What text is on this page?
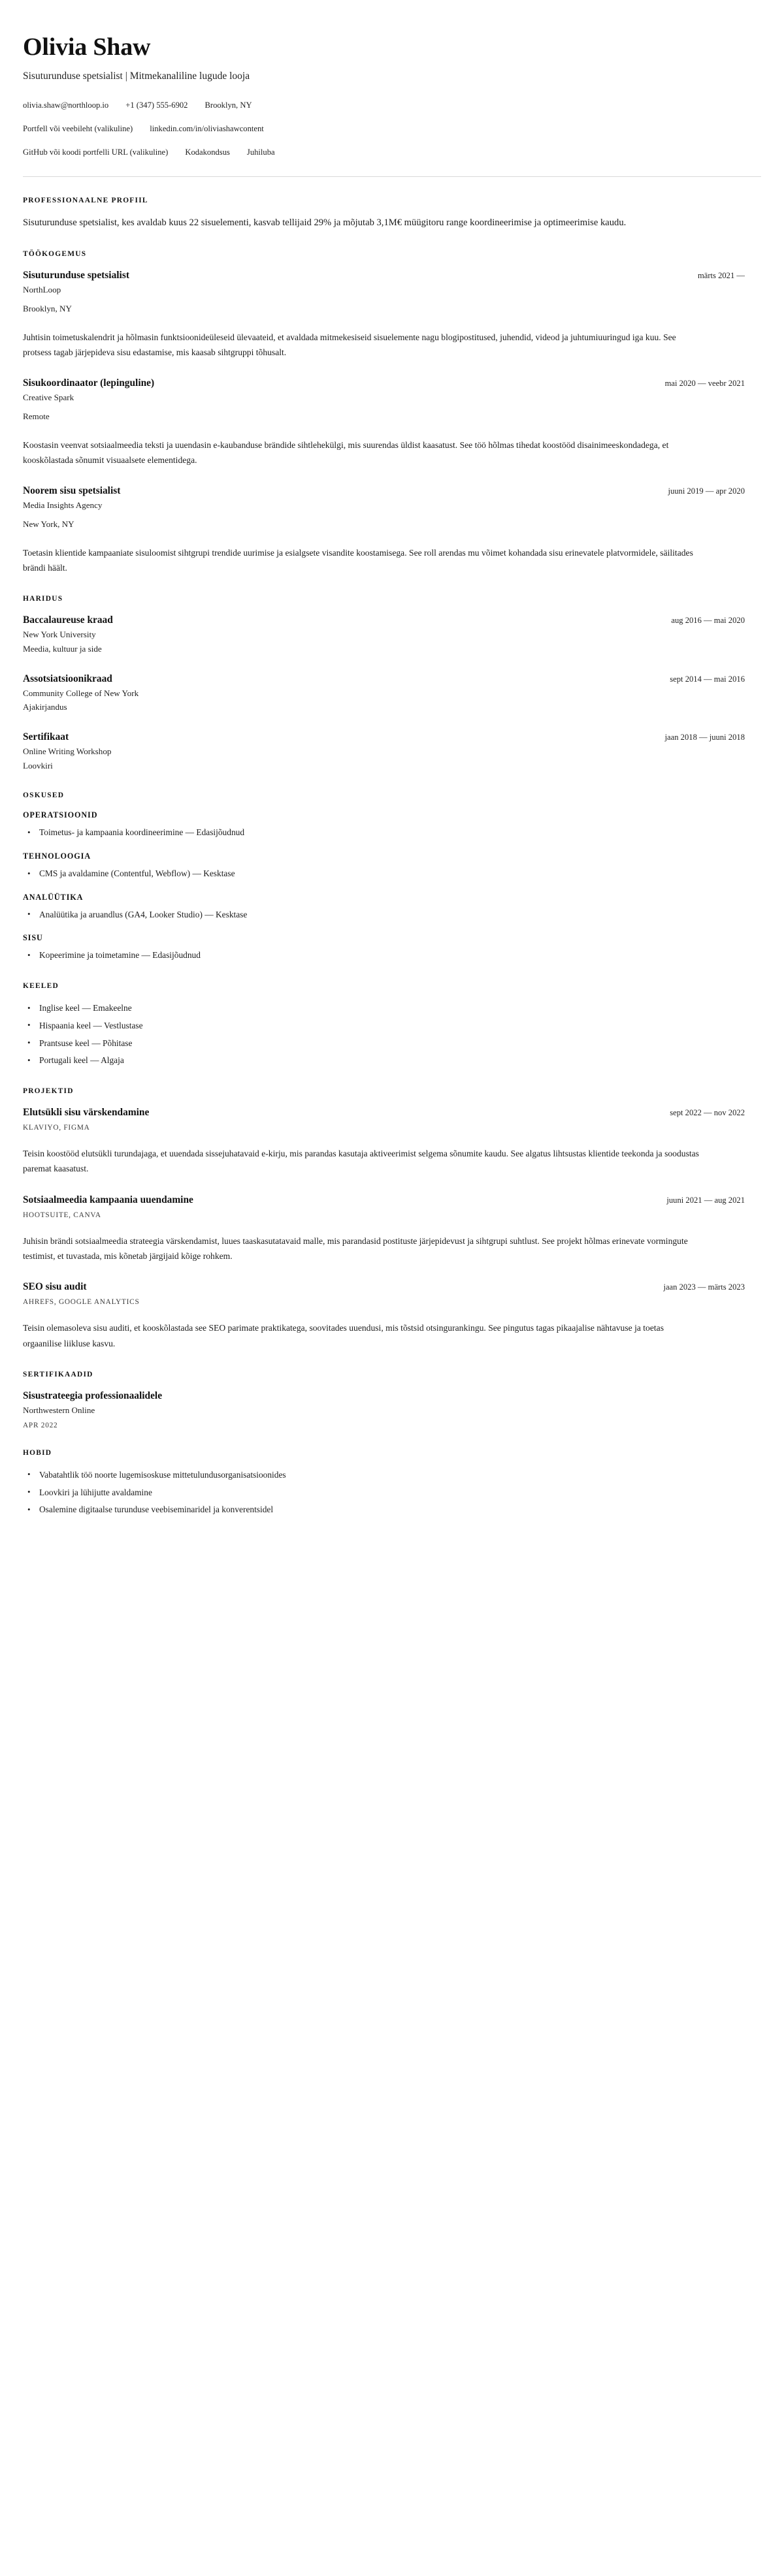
Olivia Shaw
Sisuturunduse spetsialist | Mitmekanaliline lugude looja
olivia.shaw@northloop.io +1 (347) 555-6902 Brooklyn, NY
Portfell või veebileht (valikuline) linkedin.com/in/oliviashawcontent
GitHub või koodi portfelli URL (valikuline) Kodakondsus Juhiluba
PROFESSIONAALNE PROFIIL

Sisuturunduse spetsialist, kes avaldab kuus 22 sisuelementi, kasvab tellijaid 29% ja mõjutab 3,1M€ müügitoru range koordineerimise ja optimeerimise kaudu.

TÖÖKOGEMUS
Sisuturunduse spetsialist	märts 2021 —
NorthLoop
Brooklyn, NY

Juhtisin toimetuskalendrit ja hõlmasin funktsioonideüleseid ülevaateid, et avaldada mitmekesiseid sisuelemente nagu blogipostitused, juhendid, videod ja juhtumiuuringud iga kuu. See protsess tagab järjepideva sisu edastamise, mis kaasab sihtgruppi tõhusalt.

Sisukoordinaator (lepinguline)	mai 2020 — veebr 2021
Creative Spark
Remote

Koostasin veenvat sotsiaalmeedia teksti ja uuendasin e-kaubanduse brändide sihtlehekülgi, mis suurendas üldist kaasatust. See töö hõlmas tihedat koostööd disainimeeskondadega, et kooskõlastada sõnumit visuaalsete elementidega.

Noorem sisu spetsialist	juuni 2019 — apr 2020
Media Insights Agency
New York, NY

Toetasin klientide kampaaniate sisuloomist sihtgrupi trendide uurimise ja esialgsete visandite koostamisega. See roll arendas mu võimet kohandada sisu erinevatele platvormidele, säilitades brändi häält.

HARIDUS
Baccalaureuse kraad	aug 2016 — mai 2020
New York University
Meedia, kultuur ja side
Assotsiatsioonikraad	sept 2014 — mai 2016
Community College of New York
Ajakirjandus
Sertifikaat	jaan 2018 — juuni 2018
Online Writing Workshop
Loovkiri
OSKUSED
OPERATSIOONID
• Toimetus- ja kampaania koordineerimine — Edasijõudnud
TEHNOLOOGIA
• CMS ja avaldamine (Contentful, Webflow) — Kesktase
ANALÜÜTIKA
• Analüütika ja aruandlus (GA4, Looker Studio) — Kesktase
SISU
• Kopeerimine ja toimetamine — Edasijõudnud
KEELED
• Inglise keel — Emakeelne
• Hispaania keel — Vestlustase
• Prantsuse keel — Põhitase
• Portugali keel — Algaja
PROJEKTID
Elutsükli sisu värskendamine	sept 2022 — nov 2022
KLAVIYO, FIGMA

Teisin koostööd elutsükli turundajaga, et uuendada sissejuhatavaid e-kirju, mis parandas kasutaja aktiveerimist selgema sõnumite kaudu. See algatus lihtsustas klientide teekonda ja soodustas paremat kaasatust.

Sotsiaalmeedia kampaania uuendamine	juuni 2021 — aug 2021
HOOTSUITE, CANVA

Juhisin brändi sotsiaalmeedia strateegia värskendamist, luues taaskasutatavaid malle, mis parandasid postituste järjepidevust ja sihtgrupi suhtlust. See projekt hõlmas erinevate vormingute testimist, et tuvastada, mis kõnetab järgijaid kõige rohkem.

SEO sisu audit	jaan 2023 — märts 2023
AHREFS, GOOGLE ANALYTICS

Teisin olemasoleva sisu auditi, et kooskõlastada see SEO parimate praktikatega, soovitades uuendusi, mis tõstsid otsingurankingu. See pingutus tagas pikaajalise nähtavuse ja toetas orgaanilise liikluse kasvu.

SERTIFIKAADID
Sisustrateegia professionaalidele
Northwestern Online
APR 2022
HOBID
• Vabatahtlik töö noorte lugemisoskuse mittetulundusorganisatsioonides
• Loovkiri ja lühijutte avaldamine
• Osalemine digitaalse turunduse veebiseminaridel ja konverentsidel
